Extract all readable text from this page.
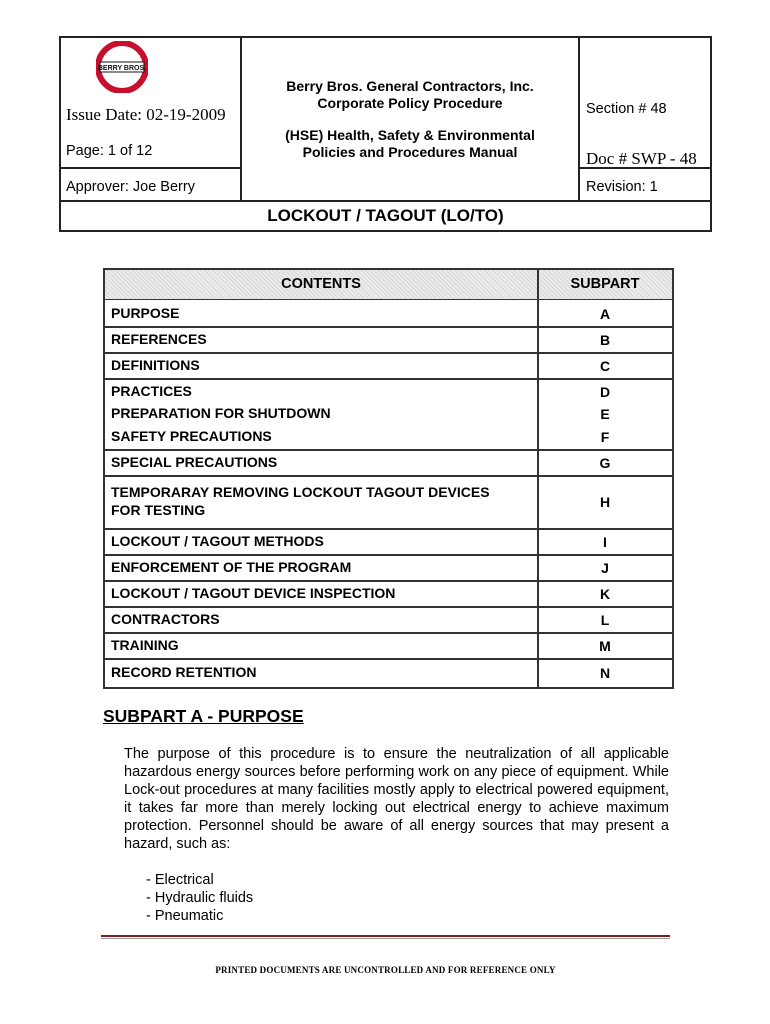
BERRY BROS.
Issue Date: 02-19-2009
Page: 1 of 12
Approver: Joe Berry
Berry Bros. General Contractors, Inc.
Corporate Policy Procedure
(HSE) Health, Safety & Environmental
Policies and Procedures Manual
Section # 48
Doc # SWP - 48
Revision: 1
LOCKOUT / TAGOUT (LO/TO)
CONTENTS	SUBPART
PURPOSE	A
REFERENCES	B
DEFINITIONS	C
PRACTICES	D
PREPARATION FOR SHUTDOWN	E
SAFETY PRECAUTIONS	F
SPECIAL PRECAUTIONS	G
TEMPORARAY REMOVING LOCKOUT TAGOUT DEVICES
FOR TESTING	H
LOCKOUT / TAGOUT METHODS	I
ENFORCEMENT OF THE PROGRAM	J
LOCKOUT / TAGOUT DEVICE INSPECTION	K
CONTRACTORS	L
TRAINING	M
RECORD RETENTION	N
SUBPART A - PURPOSE
The purpose of this procedure is to ensure the neutralization of all applicable hazardous energy sources before performing work on any piece of equipment. While Lock-out procedures at many facilities mostly apply to electrical powered equipment, it takes far more than merely locking out electrical energy to achieve maximum protection. Personnel should be aware of all energy sources that may present a hazard, such as:
- Electrical
- Hydraulic fluids
- Pneumatic
PRINTED DOCUMENTS ARE UNCONTROLLED AND FOR REFERENCE ONLY
